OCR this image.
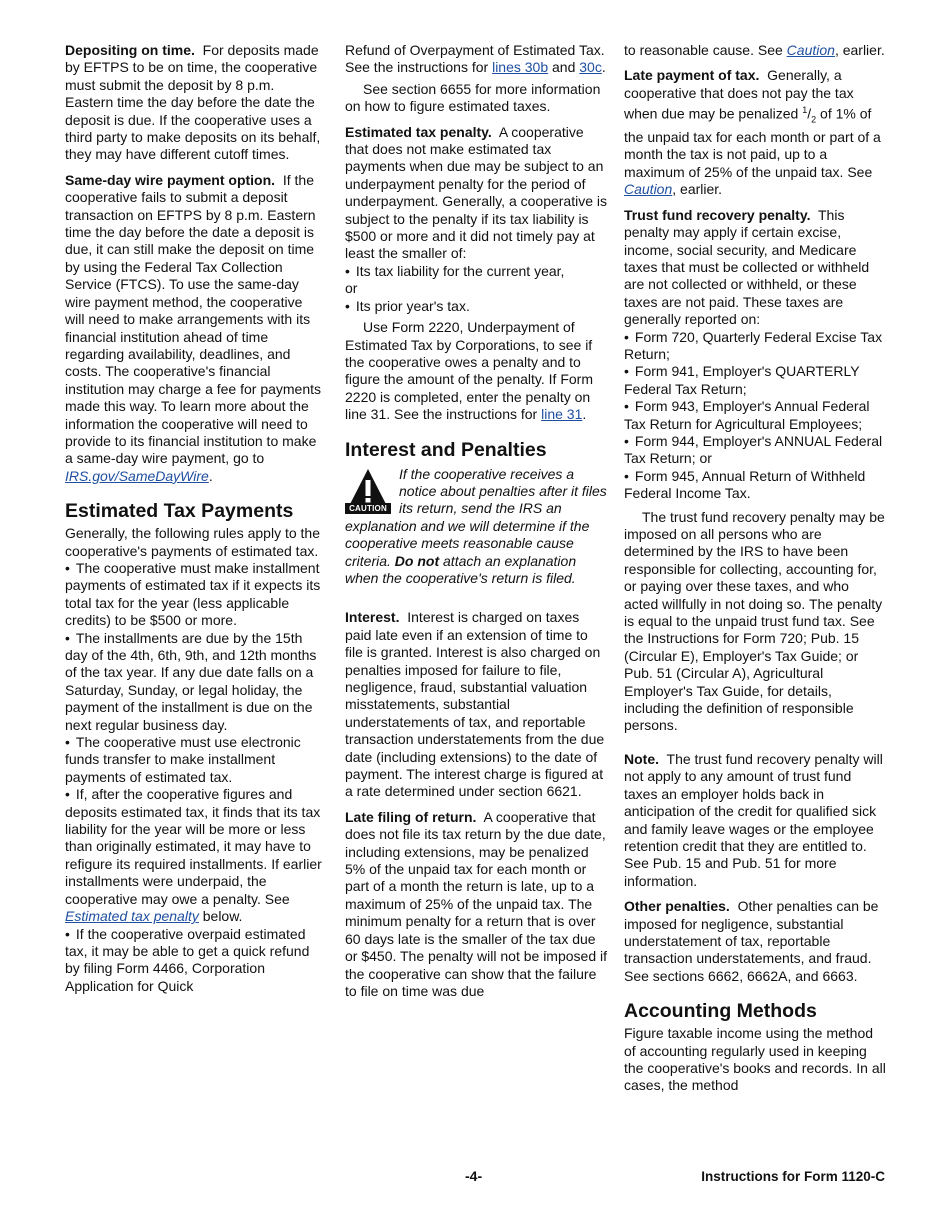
Depositing on time. For deposits made by EFTPS to be on time, the cooperative must submit the deposit by 8 p.m. Eastern time the day before the date the deposit is due. If the cooperative uses a third party to make deposits on its behalf, they may have different cutoff times.

Same-day wire payment option. If the cooperative fails to submit a deposit transaction on EFTPS by 8 p.m. Eastern time the day before the date a deposit is due, it can still make the deposit on time by using the Federal Tax Collection Service (FTCS). To use the same-day wire payment method, the cooperative will need to make arrangements with its financial institution ahead of time regarding availability, deadlines, and costs. The cooperative's financial institution may charge a fee for payments made this way. To learn more about the information the cooperative will need to provide to its financial institution to make a same-day wire payment, go to IRS.gov/SameDayWire.

Estimated Tax Payments

Generally, the following rules apply to the cooperative's payments of estimated tax.

• The cooperative must make installment payments of estimated tax if it expects its total tax for the year (less applicable credits) to be $500 or more.

• The installments are due by the 15th day of the 4th, 6th, 9th, and 12th months of the tax year. If any due date falls on a Saturday, Sunday, or legal holiday, the payment of the installment is due on the next regular business day.

• The cooperative must use electronic funds transfer to make installment payments of estimated tax.

• If, after the cooperative figures and deposits estimated tax, it finds that its tax liability for the year will be more or less than originally estimated, it may have to refigure its required installments. If earlier installments were underpaid, the cooperative may owe a penalty. See Estimated tax penalty below.

• If the cooperative overpaid estimated tax, it may be able to get a quick refund by filing Form 4466, Corporation Application for Quick

Refund of Overpayment of Estimated Tax. See the instructions for lines 30b and 30c.

See section 6655 for more information on how to figure estimated taxes.

Estimated tax penalty. A cooperative that does not make estimated tax payments when due may be subject to an underpayment penalty for the period of underpayment. Generally, a cooperative is subject to the penalty if its tax liability is $500 or more and it did not timely pay at least the smaller of:

• Its tax liability for the current year,

or

• Its prior year's tax.

Use Form 2220, Underpayment of Estimated Tax by Corporations, to see if the cooperative owes a penalty and to figure the amount of the penalty. If Form 2220 is completed, enter the penalty on line 31. See the instructions for line 31.

Interest and Penalties
CAUTION
If the cooperative receives a notice about penalties after it files its return, send the IRS an explanation and we will determine if the cooperative meets reasonable cause criteria. Do not attach an explanation when the cooperative's return is filed.

Interest. Interest is charged on taxes paid late even if an extension of time to file is granted. Interest is also charged on penalties imposed for failure to file, negligence, fraud, substantial valuation misstatements, substantial understatements of tax, and reportable transaction understatements from the due date (including extensions) to the date of payment. The interest charge is figured at a rate determined under section 6621.

Late filing of return. A cooperative that does not file its tax return by the due date, including extensions, may be penalized 5% of the unpaid tax for each month or part of a month the return is late, up to a maximum of 25% of the unpaid tax. The minimum penalty for a return that is over 60 days late is the smaller of the tax due or $450. The penalty will not be imposed if the cooperative can show that the failure to file on time was due

to reasonable cause. See Caution, earlier.

Late payment of tax. Generally, a cooperative that does not pay the tax when due may be penalized $^1/_2$ of 1% of the unpaid tax for each month or part of a month the tax is not paid, up to a maximum of 25% of the unpaid tax. See Caution, earlier.

Trust fund recovery penalty. This penalty may apply if certain excise, income, social security, and Medicare taxes that must be collected or withheld are not collected or withheld, or these taxes are not paid. These taxes are generally reported on:

• Form 720, Quarterly Federal Excise Tax Return;

• Form 941, Employer's QUARTERLY Federal Tax Return;

• Form 943, Employer's Annual Federal Tax Return for Agricultural Employees;

• Form 944, Employer's ANNUAL Federal Tax Return; or

• Form 945, Annual Return of Withheld Federal Income Tax.

The trust fund recovery penalty may be imposed on all persons who are determined by the IRS to have been responsible for collecting, accounting for, or paying over these taxes, and who acted willfully in not doing so. The penalty is equal to the unpaid trust fund tax. See the Instructions for Form 720; Pub. 15 (Circular E), Employer's Tax Guide; or Pub. 51 (Circular A), Agricultural Employer's Tax Guide, for details, including the definition of responsible persons.

Note. The trust fund recovery penalty will not apply to any amount of trust fund taxes an employer holds back in anticipation of the credit for qualified sick and family leave wages or the employee retention credit that they are entitled to. See Pub. 15 and Pub. 51 for more information.

Other penalties. Other penalties can be imposed for negligence, substantial understatement of tax, reportable transaction understatements, and fraud. See sections 6662, 6662A, and 6663.

Accounting Methods

Figure taxable income using the method of accounting regularly used in keeping the cooperative's books and records. In all cases, the method

-4-	Instructions for Form 1120-C
